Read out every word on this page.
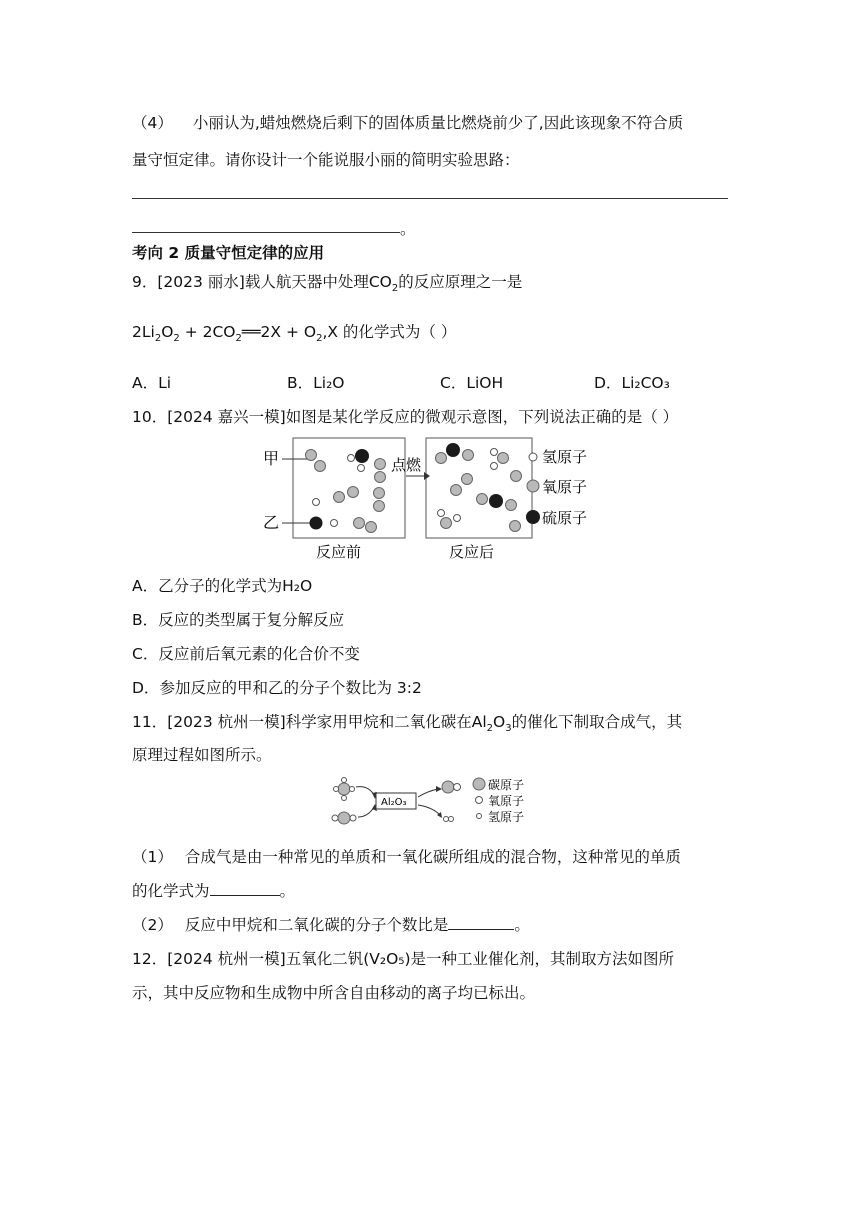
（4） 小丽认为,蜡烛燃烧后剩下的固体质量比燃烧前少了,因此该现象不符合质
量守恒定律。请你设计一个能说服小丽的简明实验思路：
。
考向 2 质量守恒定律的应用
9．[2023 丽水]载人航天器中处理$CO_2$的反应原理之一是
$2Li_2O_2$ + $2CO_2══2X + O_2,X$ 的化学式为（ ）
A．Li	B．Li₂O	C．LiOH	D．Li₂CO₃
10．[2024 嘉兴一模]如图是某化学反应的微观示意图，下列说法正确的是（ ）
点燃
甲
乙
反应前	反应后
氢原子
氧原子
硫原子
A．乙分子的化学式为H₂O
B．反应的类型属于复分解反应
C．反应前后氧元素的化合价不变
D．参加反应的甲和乙的分子个数比为 3:2
11．[2023 杭州一模]科学家用甲烷和二氧化碳在$Al_2O_3$的催化下制取合成气，其
原理过程如图所示。
Al₂O₃
碳原子
氧原子
氢原子
（1） 合成气是由一种常见的单质和一氧化碳所组成的混合物，这种常见的单质
的化学式为	。
（2） 反应中甲烷和二氧化碳的分子个数比是	。
12．[2024 杭州一模]五氧化二钒(V₂O₅)是一种工业催化剂，其制取方法如图所
示，其中反应物和生成物中所含自由移动的离子均已标出。
